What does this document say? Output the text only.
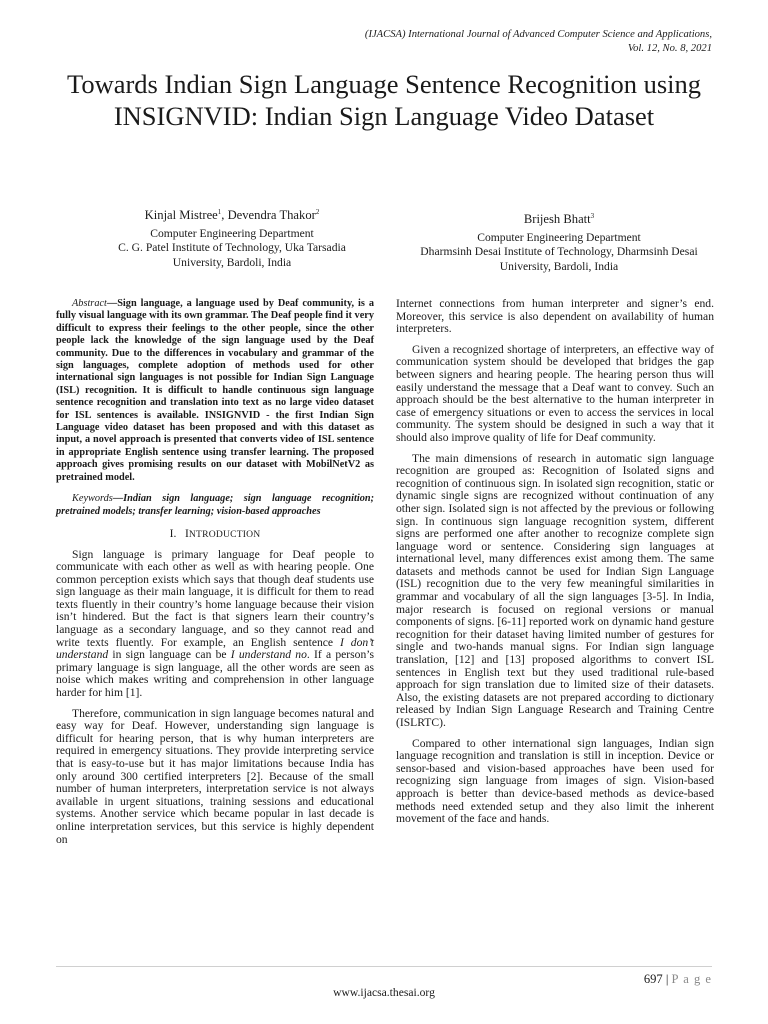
(IJACSA) International Journal of Advanced Computer Science and Applications,
Vol. 12, No. 8, 2021
Towards Indian Sign Language Sentence Recognition using INSIGNVID: Indian Sign Language Video Dataset
Kinjal Mistree$^1$, Devendra Thakor$^2$
Computer Engineering Department
C. G. Patel Institute of Technology, Uka Tarsadia
University, Bardoli, India
Brijesh Bhatt$^3$
Computer Engineering Department
Dharmsinh Desai Institute of Technology, Dharmsinh Desai
University, Bardoli, India
Abstract—Sign language, a language used by Deaf community, is a fully visual language with its own grammar. The Deaf people find it very difficult to express their feelings to the other people, since the other people lack the knowledge of the sign language used by the Deaf community. Due to the differences in vocabulary and grammar of the sign languages, complete adoption of methods used for other international sign languages is not possible for Indian Sign Language (ISL) recognition. It is difficult to handle continuous sign language sentence recognition and translation into text as no large video dataset for ISL sentences is available. INSIGNVID - the first Indian Sign Language video dataset has been proposed and with this dataset as input, a novel approach is presented that converts video of ISL sentence in appropriate English sentence using transfer learning. The proposed approach gives promising results on our dataset with MobilNetV2 as pretrained model.
Keywords—Indian sign language; sign language recognition; pretrained models; transfer learning; vision-based approaches
I. INTRODUCTION

Sign language is primary language for Deaf people to communicate with each other as well as with hearing people. One common perception exists which says that though deaf students use sign language as their main language, it is difficult for them to read texts fluently in their country’s home language because their vision isn’t hindered. But the fact is that signers learn their country’s language as a secondary language, and so they cannot read and write texts fluently. For example, an English sentence I don’t understand in sign language can be I understand no. If a person’s primary language is sign language, all the other words are seen as noise which makes writing and comprehension in other language harder for him [1].

Therefore, communication in sign language becomes natural and easy way for Deaf. However, understanding sign language is difficult for hearing person, that is why human interpreters are required in emergency situations. They provide interpreting service that is easy-to-use but it has major limitations because India has only around 300 certified interpreters [2]. Because of the small number of human interpreters, interpretation service is not always available in urgent situations, training sessions and educational systems. Another service which became popular in last decade is online interpretation services, but this service is highly dependent on

Internet connections from human interpreter and signer’s end. Moreover, this service is also dependent on availability of human interpreters.

Given a recognized shortage of interpreters, an effective way of communication system should be developed that bridges the gap between signers and hearing people. The hearing person thus will easily understand the message that a Deaf want to convey. Such an approach should be the best alternative to the human interpreter in case of emergency situations or even to access the services in local community. The system should be designed in such a way that it should also improve quality of life for Deaf community.

The main dimensions of research in automatic sign language recognition are grouped as: Recognition of Isolated signs and recognition of continuous sign. In isolated sign recognition, static or dynamic single signs are recognized without continuation of any other sign. Isolated sign is not affected by the previous or following sign. In continuous sign language recognition system, different signs are performed one after another to recognize complete sign language word or sentence. Considering sign languages at international level, many differences exist among them. The same datasets and methods cannot be used for Indian Sign Language (ISL) recognition due to the very few meaningful similarities in grammar and vocabulary of all the sign languages [3-5]. In India, major research is focused on regional versions or manual components of signs. [6-11] reported work on dynamic hand gesture recognition for their dataset having limited number of gestures for single and two-hands manual signs. For Indian sign language translation, [12] and [13] proposed algorithms to convert ISL sentences in English text but they used traditional rule-based approach for sign translation due to limited size of their datasets. Also, the existing datasets are not prepared according to dictionary released by Indian Sign Language Research and Training Centre (ISLRTC).

Compared to other international sign languages, Indian sign language recognition and translation is still in inception. Device or sensor-based and vision-based approaches have been used for recognizing sign language from images of sign. Vision-based approach is better than device-based methods as device-based methods need extended setup and they also limit the inherent movement of the face and hands.

697 | P a g e
www.ijacsa.thesai.org
